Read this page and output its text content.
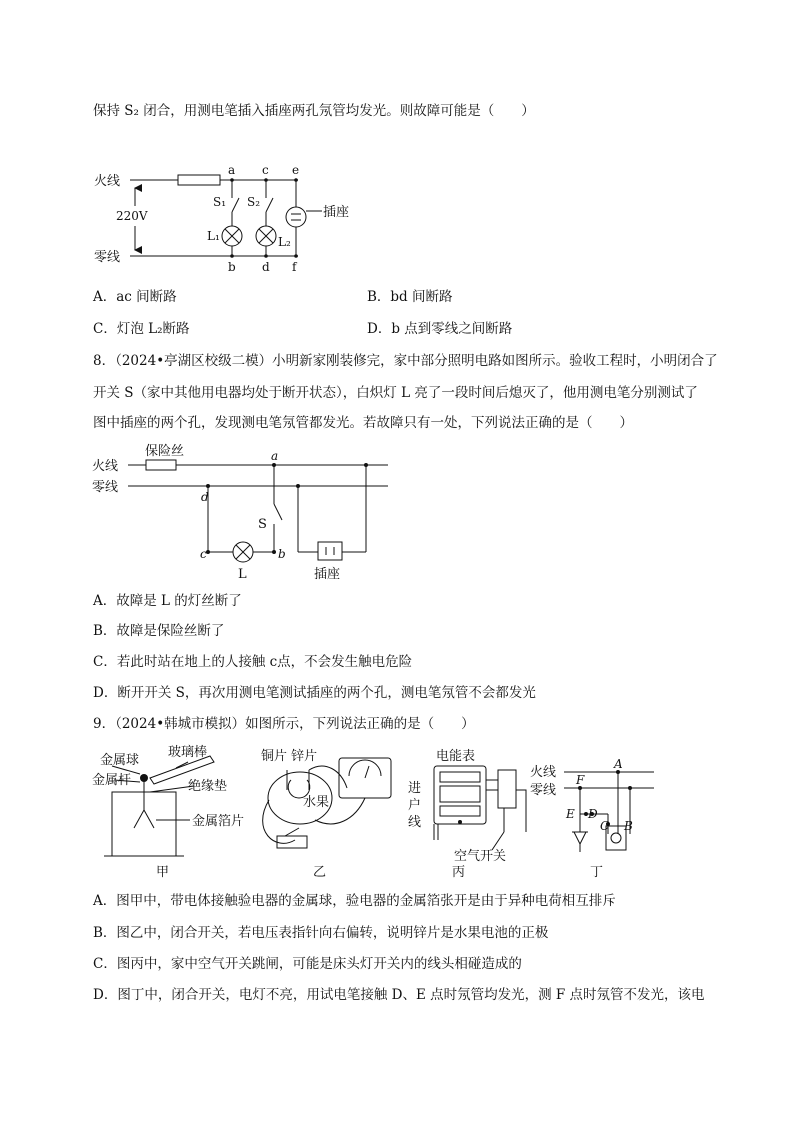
保持 S₂ 闭合，用测电笔插入插座两孔氖管均发光。则故障可能是（　　）
火线
零线
220V
a c e
b d f
S₁ S₂
L₁	L₂
插座
A．ac 间断路	B．bd 间断路
C．灯泡 L₂断路	D．b 点到零线之间断路
8．（2024•亭湖区校级二模）小明新家刚装修完，家中部分照明电路如图所示。验收工程时，小明闭合了
开关 S（家中其他用电器均处于断开状态），白炽灯 L 亮了一段时间后熄灭了，他用测电笔分别测试了
图中插座的两个孔，发现测电笔氖管都发光。若故障只有一处，下列说法正确的是（　　）
保险丝
火线
零线
a
d
c	b
S
L	插座
A．故障是 L 的灯丝断了
B．故障是保险丝断了
C．若此时站在地上的人接触 c点，不会发生触电危险
D．断开开关 S，再次用测电笔测试插座的两个孔，测电笔氖管不会都发光
9．（2024•韩城市模拟）如图所示，下列说法正确的是（　　）
金属球
金属杆
玻璃棒
绝缘垫
金属箔片
甲
铜片 锌片
水果
乙
电能表
进
户
线
空气开关
丙
火线
零线
A
F
E D
C B
丁
A．图甲中，带电体接触验电器的金属球，验电器的金属箔张开是由于异种电荷相互排斥
B．图乙中，闭合开关，若电压表指针向右偏转，说明锌片是水果电池的正极
C．图丙中，家中空气开关跳闸，可能是床头灯开关内的线头相碰造成的
D．图丁中，闭合开关，电灯不亮，用试电笔接触 D、E 点时氖管均发光，测 F 点时氖管不发光，该电
